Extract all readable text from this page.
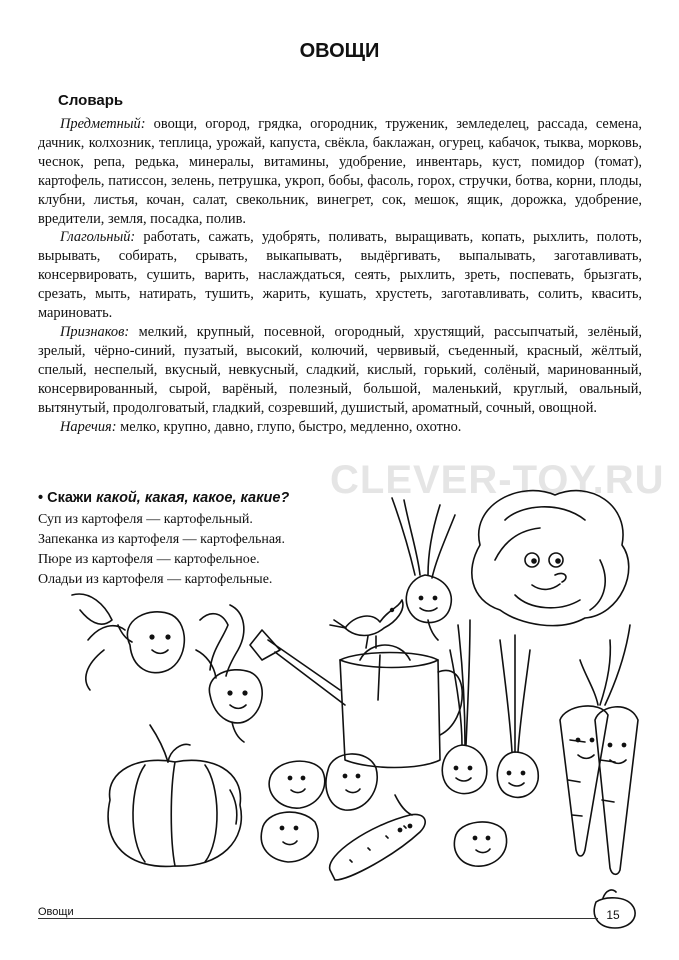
ОВОЩИ
Словарь

Предметный: овощи, огород, грядка, огородник, труженик, земледелец, рассада, семена, дачник, колхозник, теплица, урожай, капуста, свёкла, баклажан, огурец, кабачок, тыква, морковь, чеснок, репа, редька, минералы, витамины, удобрение, инвентарь, куст, помидор (томат), картофель, патиссон, зелень, петрушка, укроп, бобы, фасоль, горох, стручки, ботва, корни, плоды, клубни, листья, кочан, салат, свекольник, винегрет, сок, мешок, ящик, дорожка, удобрение, вредители, земля, посадка, полив.

Глагольный: работать, сажать, удобрять, поливать, выращивать, копать, рыхлить, полоть, вырывать, собирать, срывать, выкапывать, выдёргивать, выпалывать, заготавливать, консервировать, сушить, варить, наслаждаться, сеять, рыхлить, зреть, поспевать, брызгать, срезать, мыть, натирать, тушить, жарить, кушать, хрустеть, заготавливать, солить, квасить, мариновать.

Признаков: мелкий, крупный, посевной, огородный, хрустящий, рассыпчатый, зелёный, зрелый, чёрно-синий, пузатый, высокий, колючий, червивый, съеденный, красный, жёлтый, спелый, неспелый, вкусный, невкусный, сладкий, кислый, горький, солёный, маринованный, консервированный, сырой, варёный, полезный, большой, маленький, круглый, овальный, вытянутый, продолговатый, гладкий, созревший, душистый, ароматный, сочный, овощной.

Наречия: мелко, крупно, давно, глупо, быстро, медленно, охотно.

CLEVER-TOY.RU
• Скажи какой, какая, какое, какие?
Суп из картофеля — картофельный.
Запеканка из картофеля — картофельная.
Пюре из картофеля — картофельное.
Оладьи из картофеля — картофельные.
Овощи	15
